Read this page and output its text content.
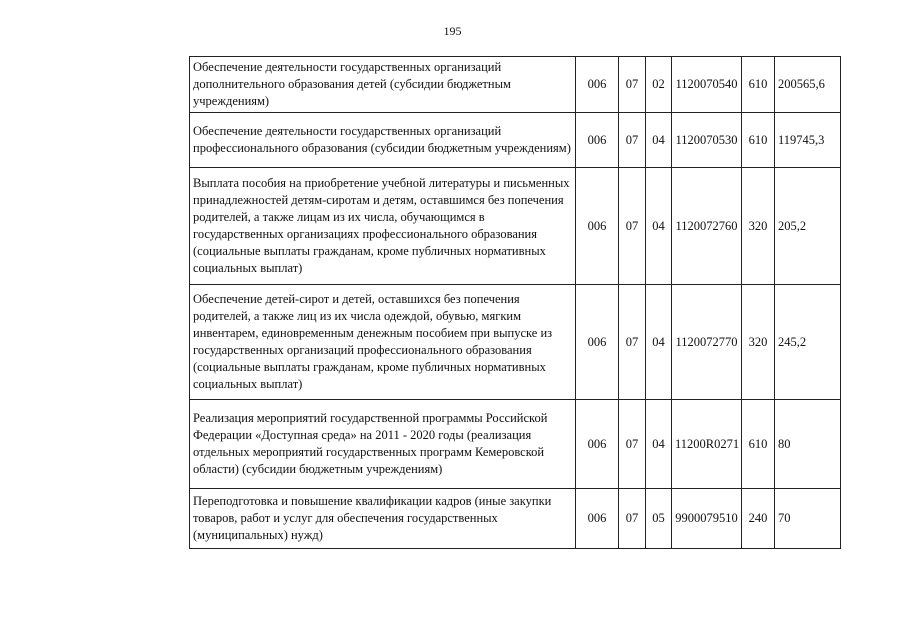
195
Обеспечение деятельности государственных организаций дополнительного образования детей (субсидии бюджетным учреждениям)	006	07	02	1120070540	610	200565,6
Обеспечение деятельности государственных организаций профессионального образования (субсидии бюджетным учреждениям)	006	07	04	1120070530	610	119745,3
Выплата пособия на приобретение учебной литературы и письменных принадлежностей детям-сиротам и детям, оставшимся без попечения родителей, а также лицам из их числа, обучающимся в государственных организациях профессионального образования (социальные выплаты гражданам, кроме публичных нормативных социальных выплат)	006	07	04	1120072760	320	205,2
Обеспечение детей-сирот и детей, оставшихся без попечения родителей, а также лиц из их числа одеждой, обувью, мягким инвентарем, единовременным денежным пособием при выпуске из государственных организаций профессионального образования (социальные выплаты гражданам, кроме публичных нормативных социальных выплат)	006	07	04	1120072770	320	245,2
Реализация мероприятий государственной программы Российской Федерации «Доступная среда» на 2011 - 2020 годы (реализация отдельных мероприятий государственных программ Кемеровской области) (субсидии бюджетным учреждениям)	006	07	04	11200R0271	610	80
Переподготовка и повышение квалификации кадров (иные закупки товаров, работ и услуг для обеспечения государственных (муниципальных) нужд)	006	07	05	9900079510	240	70
